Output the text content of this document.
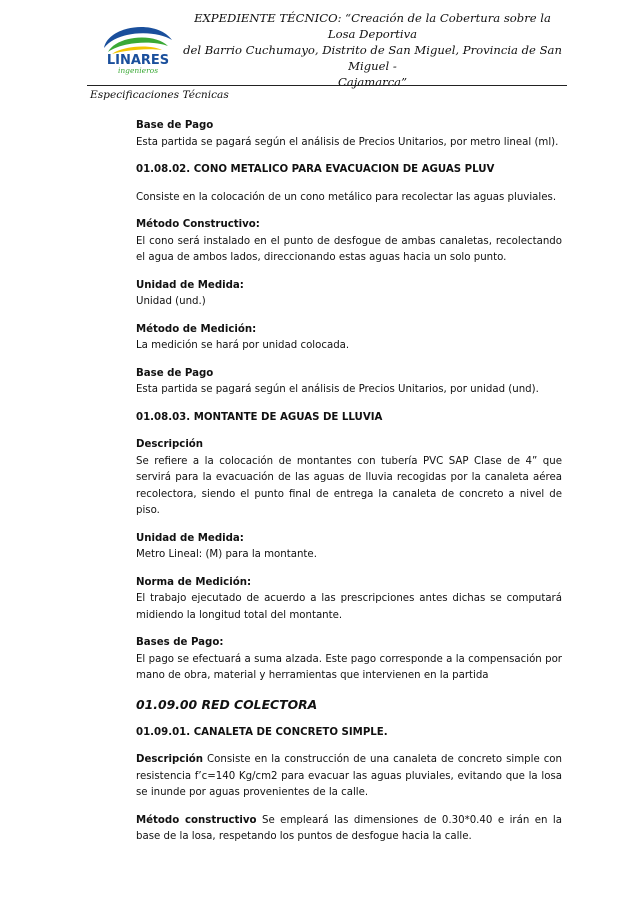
LINARES
ingenieros
EXPEDIENTE TÉCNICO: “Creación de la Cobertura sobre la Losa Deportiva
del Barrio Cuchumayo, Distrito de San Miguel, Provincia de San Miguel -
Cajamarca”
Especificaciones Técnicas

Base de Pago

Esta partida se pagará según el análisis de Precios Unitarios, por metro lineal (ml).

01.08.02. CONO METALICO PARA EVACUACION DE AGUAS PLUV

Consiste en la colocación de un cono metálico para recolectar las aguas pluviales.

Método Constructivo:

El cono será instalado en el punto de desfogue de ambas canaletas, recolectando el agua de ambos lados, direccionando estas aguas hacia un solo punto.

Unidad de Medida:

Unidad (und.)

Método de Medición:

La medición se hará por unidad colocada.

Base de Pago

Esta partida se pagará según el análisis de Precios Unitarios, por unidad (und).

01.08.03. MONTANTE DE AGUAS DE LLUVIA

Descripción

Se refiere a la colocación de montantes con tubería PVC SAP Clase de 4” que servirá para la evacuación de las aguas de lluvia recogidas por la canaleta aérea recolectora, siendo el punto final de entrega la canaleta de concreto a nivel de piso.

Unidad de Medida:

Metro Lineal: (M) para la montante.

Norma de Medición:

El trabajo ejecutado de acuerdo a las prescripciones antes dichas se computará midiendo la longitud total del montante.

Bases de Pago:

El pago se efectuará a suma alzada. Este pago corresponde a la compensación por mano de obra, material y herramientas que intervienen en la partida

01.09.00 RED COLECTORA

01.09.01. CANALETA DE CONCRETO SIMPLE.

Descripción Consiste en la construcción de una canaleta de concreto simple con resistencia f’c=140 Kg/cm2 para evacuar las aguas pluviales, evitando que la losa se inunde por aguas provenientes de la calle.

Método constructivo Se empleará las dimensiones de 0.30*0.40 e irán en la base de la losa, respetando los puntos de desfogue hacia la calle.
